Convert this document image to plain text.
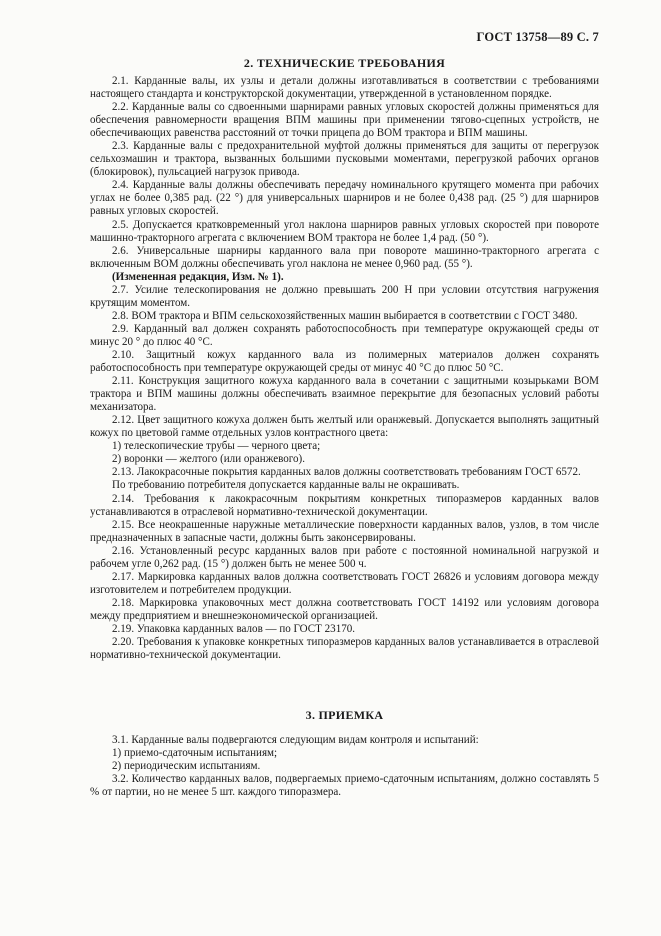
ГОСТ 13758—89 С. 7
2. ТЕХНИЧЕСКИЕ ТРЕБОВАНИЯ

2.1. Карданные валы, их узлы и детали должны изготавливаться в соответствии с требованиями настоящего стандарта и конструкторской документации, утвержденной в установленном порядке.

2.2. Карданные валы со сдвоенными шарнирами равных угловых скоростей должны применяться для обеспечения равномерности вращения ВПМ машины при применении тягово-сцепных устройств, не обеспечивающих равенства расстояний от точки прицепа до ВОМ трактора и ВПМ машины.

2.3. Карданные валы с предохранительной муфтой должны применяться для защиты от перегрузок сельхозмашин и трактора, вызванных большими пусковыми моментами, перегрузкой рабочих органов (блокировок), пульсацией нагрузок привода.

2.4. Карданные валы должны обеспечивать передачу номинального крутящего момента при рабочих углах не более 0,385 рад. (22 °) для универсальных шарниров и не более 0,438 рад. (25 °) для шарниров равных угловых скоростей.

2.5. Допускается кратковременный угол наклона шарниров равных угловых скоростей при повороте машинно-тракторного агрегата с включением ВОМ трактора не более 1,4 рад. (50 °).

2.6. Универсальные шарниры карданного вала при повороте машинно-тракторного агрегата с включенным ВОМ должны обеспечивать угол наклона не менее 0,960 рад. (55 °).

(Измененная редакция, Изм. № 1).

2.7. Усилие телескопирования не должно превышать 200 Н при условии отсутствия нагружения крутящим моментом.

2.8. ВОМ трактора и ВПМ сельскохозяйственных машин выбирается в соответствии с ГОСТ 3480.

2.9. Карданный вал должен сохранять работоспособность при температуре окружающей среды от минус 20 ° до плюс 40 °С.

2.10. Защитный кожух карданного вала из полимерных материалов должен сохранять работоспособность при температуре окружающей среды от минус 40 °С до плюс 50 °С.

2.11. Конструкция защитного кожуха карданного вала в сочетании с защитными козырьками ВОМ трактора и ВПМ машины должны обеспечивать взаимное перекрытие для безопасных условий работы механизатора.

2.12. Цвет защитного кожуха должен быть желтый или оранжевый. Допускается выполнять защитный кожух по цветовой гамме отдельных узлов контрастного цвета:

1) телескопические трубы — черного цвета;

2) воронки — желтого (или оранжевого).

2.13. Лакокрасочные покрытия карданных валов должны соответствовать требованиям ГОСТ 6572.

По требованию потребителя допускается карданные валы не окрашивать.

2.14. Требования к лакокрасочным покрытиям конкретных типоразмеров карданных валов устанавливаются в отраслевой нормативно-технической документации.

2.15. Все неокрашенные наружные металлические поверхности карданных валов, узлов, в том числе предназначенных в запасные части, должны быть законсервированы.

2.16. Установленный ресурс карданных валов при работе с постоянной номинальной нагрузкой и рабочем угле 0,262 рад. (15 °) должен быть не менее 500 ч.

2.17. Маркировка карданных валов должна соответствовать ГОСТ 26826 и условиям договора между изготовителем и потребителем продукции.

2.18. Маркировка упаковочных мест должна соответствовать ГОСТ 14192 или условиям договора между предприятием и внешнеэкономической организацией.

2.19. Упаковка карданных валов — по ГОСТ 23170.

2.20. Требования к упаковке конкретных типоразмеров карданных валов устанавливается в отраслевой нормативно-технической документации.

3. ПРИЕМКА

3.1. Карданные валы подвергаются следующим видам контроля и испытаний:

1) приемо-сдаточным испытаниям;

2) периодическим испытаниям.

3.2. Количество карданных валов, подвергаемых приемо-сдаточным испытаниям, должно составлять 5 % от партии, но не менее 5 шт. каждого типоразмера.
